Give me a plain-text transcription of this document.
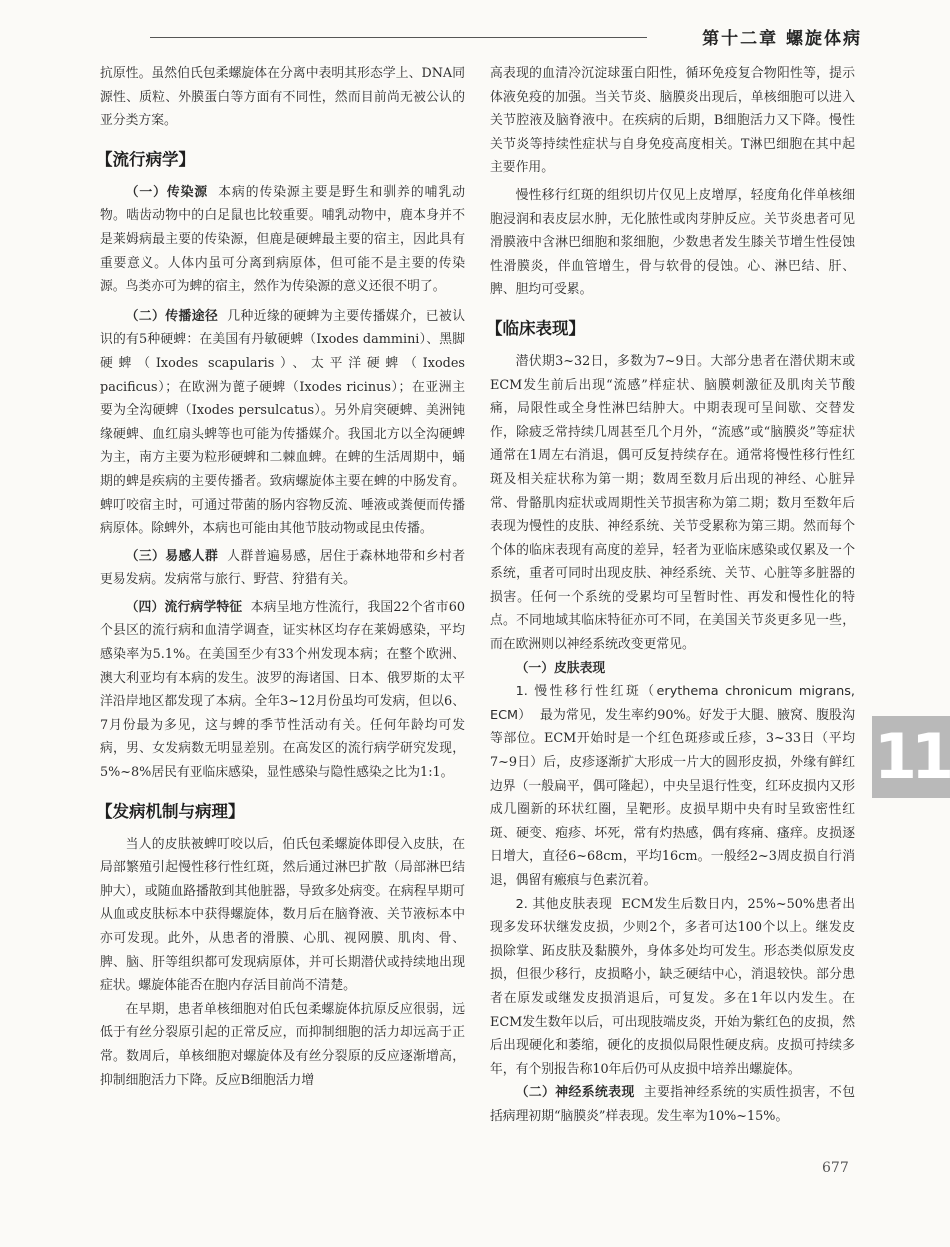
第十二章 螺旋体病

抗原性。虽然伯氏包柔螺旋体在分离中表明其形态学上、DNA同源性、质粒、外膜蛋白等方面有不同性，然而目前尚无被公认的亚分类方案。

【流行病学】

（一）传染源 本病的传染源主要是野生和驯养的哺乳动物。啮齿动物中的白足鼠也比较重要。哺乳动物中，鹿本身并不是莱姆病最主要的传染源，但鹿是硬蜱最主要的宿主，因此具有重要意义。人体内虽可分离到病原体，但可能不是主要的传染源。鸟类亦可为蜱的宿主，然作为传染源的意义还很不明了。

（二）传播途径 几种近缘的硬蜱为主要传播媒介，已被认识的有5种硬蜱：在美国有丹敏硬蜱（Ixodes dammini）、黑脚硬蜱（Ixodes scapularis）、太平洋硬蜱（Ixodes pacificus）；在欧洲为蓖子硬蜱（Ixodes ricinus）；在亚洲主要为全沟硬蜱（Ixodes persulcatus）。另外肩突硬蜱、美洲钝缘硬蜱、血红扇头蜱等也可能为传播媒介。我国北方以全沟硬蜱为主，南方主要为粒形硬蜱和二棘血蜱。在蜱的生活周期中，蛹期的蜱是疾病的主要传播者。致病螺旋体主要在蜱的中肠发育。蜱叮咬宿主时，可通过带菌的肠内容物反流、唾液或粪便而传播病原体。除蜱外，本病也可能由其他节肢动物或昆虫传播。

（三）易感人群 人群普遍易感，居住于森林地带和乡村者更易发病。发病常与旅行、野营、狩猎有关。

（四）流行病学特征 本病呈地方性流行，我国22个省市60个县区的流行病和血清学调查，证实林区均存在莱姆感染，平均感染率为5.1%。在美国至少有33个州发现本病；在整个欧洲、澳大利亚均有本病的发生。波罗的海诸国、日本、俄罗斯的太平洋沿岸地区都发现了本病。全年3~12月份虽均可发病，但以6、7月份最为多见，这与蜱的季节性活动有关。任何年龄均可发病，男、女发病数无明显差别。在高发区的流行病学研究发现，5%~8%居民有亚临床感染，显性感染与隐性感染之比为1:1。

【发病机制与病理】

当人的皮肤被蜱叮咬以后，伯氏包柔螺旋体即侵入皮肤，在局部繁殖引起慢性移行性红斑，然后通过淋巴扩散（局部淋巴结肿大），或随血路播散到其他脏器，导致多处病变。在病程早期可从血或皮肤标本中获得螺旋体，数月后在脑脊液、关节液标本中亦可发现。此外，从患者的滑膜、心肌、视网膜、肌肉、骨、脾、脑、肝等组织都可发现病原体，并可长期潜伏或持续地出现症状。螺旋体能否在胞内存活目前尚不清楚。

在早期，患者单核细胞对伯氏包柔螺旋体抗原反应很弱，远低于有丝分裂原引起的正常反应，而抑制细胞的活力却远高于正常。数周后，单核细胞对螺旋体及有丝分裂原的反应逐渐增高，抑制细胞活力下降。反应B细胞活力增

高表现的血清冷沉淀球蛋白阳性，循环免疫复合物阳性等，提示体液免疫的加强。当关节炎、脑膜炎出现后，单核细胞可以进入关节腔液及脑脊液中。在疾病的后期，B细胞活力又下降。慢性关节炎等持续性症状与自身免疫高度相关。T淋巴细胞在其中起主要作用。

慢性移行红斑的组织切片仅见上皮增厚，轻度角化伴单核细胞浸润和表皮层水肿，无化脓性或肉芽肿反应。关节炎患者可见滑膜液中含淋巴细胞和浆细胞，少数患者发生膝关节增生性侵蚀性滑膜炎，伴血管增生，骨与软骨的侵蚀。心、淋巴结、肝、脾、胆均可受累。

【临床表现】

潜伏期3~32日，多数为7~9日。大部分患者在潜伏期末或ECM发生前后出现“流感”样症状、脑膜刺激征及肌肉关节酸痛，局限性或全身性淋巴结肿大。中期表现可呈间歇、交替发作，除疲乏常持续几周甚至几个月外，“流感”或“脑膜炎”等症状通常在1周左右消退，偶可反复持续存在。通常将慢性移行性红斑及相关症状称为第一期；数周至数月后出现的神经、心脏异常、骨骼肌肉症状或周期性关节损害称为第二期；数月至数年后表现为慢性的皮肤、神经系统、关节受累称为第三期。然而每个个体的临床表现有高度的差异，轻者为亚临床感染或仅累及一个系统，重者可同时出现皮肤、神经系统、关节、心脏等多脏器的损害。任何一个系统的受累均可呈暂时性、再发和慢性化的特点。不同地域其临床特征亦可不同，在美国关节炎更多见一些，而在欧洲则以神经系统改变更常见。

（一）皮肤表现

1. 慢性移行性红斑（erythema chronicum migrans, ECM） 最为常见，发生率约90%。好发于大腿、腋窝、腹股沟等部位。ECM开始时是一个红色斑疹或丘疹，3~33日（平均7~9日）后，皮疹逐渐扩大形成一片大的圆形皮损，外缘有鲜红边界（一般扁平，偶可隆起），中央呈退行性变，红环皮损内又形成几圈新的环状红圈，呈靶形。皮损早期中央有时呈致密性红斑、硬变、疱疹、坏死，常有灼热感，偶有疼痛、瘙痒。皮损逐日增大，直径6~68cm，平均16cm。一般经2~3周皮损自行消退，偶留有瘢痕与色素沉着。

2. 其他皮肤表现 ECM发生后数日内，25%~50%患者出现多发环状继发皮损，少则2个，多者可达100个以上。继发皮损除掌、跖皮肤及黏膜外，身体多处均可发生。形态类似原发皮损，但很少移行，皮损略小，缺乏硬结中心，消退较快。部分患者在原发或继发皮损消退后，可复发。多在1年以内发生。在ECM发生数年以后，可出现肢端皮炎，开始为紫红色的皮损，然后出现硬化和萎缩，硬化的皮损似局限性硬皮病。皮损可持续多年，有个别报告称10年后仍可从皮损中培养出螺旋体。

（二）神经系统表现 主要指神经系统的实质性损害，不包括病理初期“脑膜炎”样表现。发生率为10%~15%。

11
677
